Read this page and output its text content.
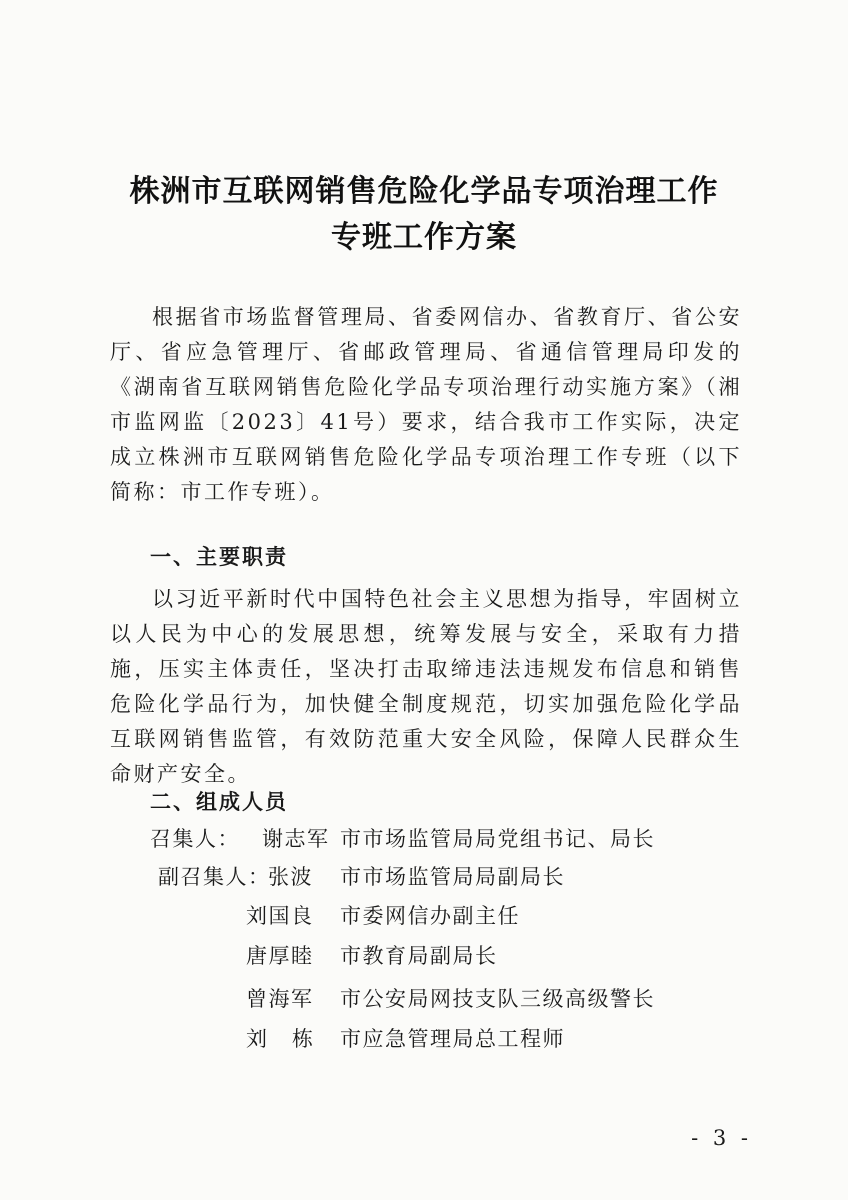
株洲市互联网销售危险化学品专项治理工作
专班工作方案

根据省市场监督管理局、省委网信办、省教育厅、省公安厅、省应急管理厅、省邮政管理局、省通信管理局印发的《湖南省互联网销售危险化学品专项治理行动实施方案》（湘市监网监〔2023〕41号）要求，结合我市工作实际，决定成立株洲市互联网销售危险化学品专项治理工作专班（以下简称：市工作专班）。

一、主要职责

以习近平新时代中国特色社会主义思想为指导，牢固树立以人民为中心的发展思想，统筹发展与安全，采取有力措施，压实主体责任，坚决打击取缔违法违规发布信息和销售危险化学品行为，加快健全制度规范，切实加强危险化学品互联网销售监管，有效防范重大安全风险，保障人民群众生命财产安全。

二、组成人员
召集人： 谢志军 市市场监管局局党组书记、局长
副召集人：
张波 市市场监管局局副局长
刘国良 市委网信办副主任
唐厚睦 市教育局副局长
曾海军 市公安局网技支队三级高级警长
刘栋 市应急管理局总工程师
- 3 -
